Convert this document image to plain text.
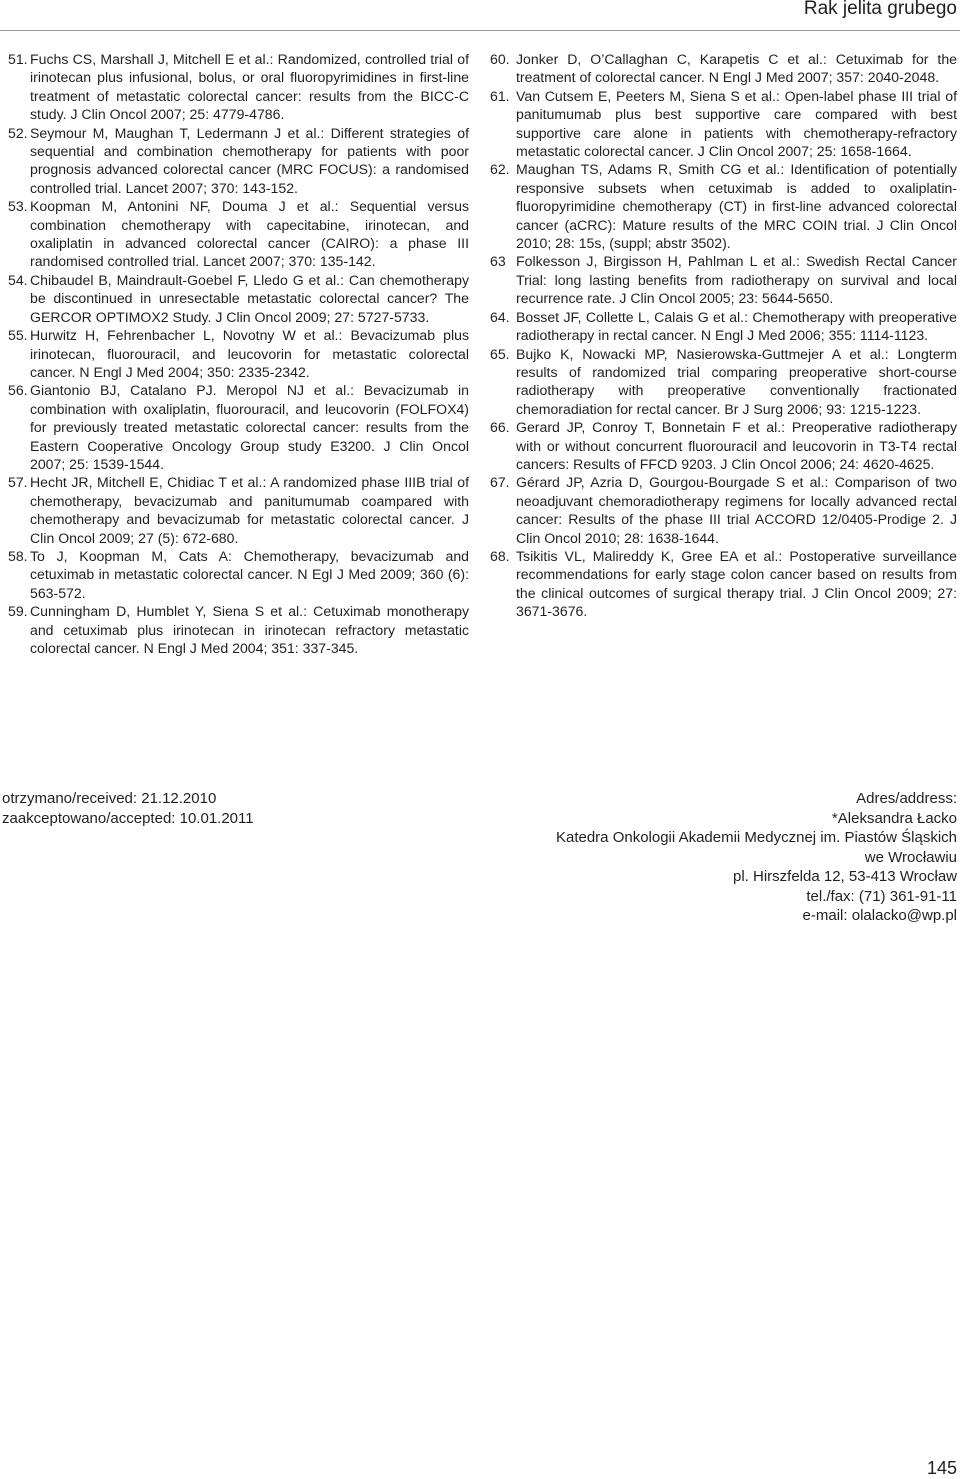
Rak jelita grubego
51. Fuchs CS, Marshall J, Mitchell E et al.: Randomized, controlled trial of irinotecan plus infusional, bolus, or oral fluoropyrimidines in first-line treatment of metastatic colorectal cancer: results from the BICC-C study. J Clin Oncol 2007; 25: 4779-4786.
52. Seymour M, Maughan T, Ledermann J et al.: Different strategies of sequential and combination chemotherapy for patients with poor prognosis advanced colorectal cancer (MRC FOCUS): a randomised controlled trial. Lancet 2007; 370: 143-152.
53. Koopman M, Antonini NF, Douma J et al.: Sequential versus combination chemotherapy with capecitabine, irinotecan, and oxaliplatin in advanced colorectal cancer (CAIRO): a phase III randomised controlled trial. Lancet 2007; 370: 135-142.
54. Chibaudel B, Maindrault-Goebel F, Lledo G et al.: Can chemotherapy be discontinued in unresectable metastatic colorectal cancer? The GERCOR OPTIMOX2 Study. J Clin Oncol 2009; 27: 5727-5733.
55. Hurwitz H, Fehrenbacher L, Novotny W et al.: Bevacizumab plus irinotecan, fluorouracil, and leucovorin for metastatic colorectal cancer. N Engl J Med 2004; 350: 2335-2342.
56. Giantonio BJ, Catalano PJ. Meropol NJ et al.: Bevacizumab in combination with oxaliplatin, fluorouracil, and leucovorin (FOLFOX4) for previously treated metastatic colorectal cancer: results from the Eastern Cooperative Oncology Group study E3200. J Clin Oncol 2007; 25: 1539-1544.
57. Hecht JR, Mitchell E, Chidiac T et al.: A randomized phase IIIB trial of chemotherapy, bevacizumab and panitumumab coampared with chemotherapy and bevacizumab for metastatic colorectal cancer. J Clin Oncol 2009; 27 (5): 672-680.
58. To J, Koopman M, Cats A: Chemotherapy, bevacizumab and cetuximab in metastatic colorectal cancer. N Egl J Med 2009; 360 (6): 563-572.
59. Cunningham D, Humblet Y, Siena S et al.: Cetuximab monotherapy and cetuximab plus irinotecan in irinotecan refractory metastatic colorectal cancer. N Engl J Med 2004; 351: 337-345.
60. Jonker D, O’Callaghan C, Karapetis C et al.: Cetuximab for the treatment of colorectal cancer. N Engl J Med 2007; 357: 2040-2048.
61. Van Cutsem E, Peeters M, Siena S et al.: Open-label phase III trial of panitumumab plus best supportive care compared with best supportive care alone in patients with chemotherapy-refractory metastatic colorectal cancer. J Clin Oncol 2007; 25: 1658-1664.
62. Maughan TS, Adams R, Smith CG et al.: Identification of potentially responsive subsets when cetuximab is added to oxaliplatin-fluoropyrimidine chemotherapy (CT) in first-line advanced colorectal cancer (aCRC): Mature results of the MRC COIN trial. J Clin Oncol 2010; 28: 15s, (suppl; abstr 3502).
63 Folkesson J, Birgisson H, Pahlman L et al.: Swedish Rectal Cancer Trial: long lasting benefits from radiotherapy on survival and local recurrence rate. J Clin Oncol 2005; 23: 5644-5650.
64. Bosset JF, Collette L, Calais G et al.: Chemotherapy with preoperative radiotherapy in rectal cancer. N Engl J Med 2006; 355: 1114-1123.
65. Bujko K, Nowacki MP, Nasierowska-Guttmejer A et al.: Longterm results of randomized trial comparing preoperative short-course radiotherapy with preoperative conventionally fractionated chemoradiation for rectal cancer. Br J Surg 2006; 93: 1215-1223.
66. Gerard JP, Conroy T, Bonnetain F et al.: Preoperative radiotherapy with or without concurrent fluorouracil and leucovorin in T3-T4 rectal cancers: Results of FFCD 9203. J Clin Oncol 2006; 24: 4620-4625.
67. Gérard JP, Azria D, Gourgou-Bourgade S et al.: Comparison of two neoadjuvant chemoradiotherapy regimens for locally advanced rectal cancer: Results of the phase III trial ACCORD 12/0405-Prodige 2. J Clin Oncol 2010; 28: 1638-1644.
68. Tsikitis VL, Malireddy K, Gree EA et al.: Postoperative surveillance recommendations for early stage colon cancer based on results from the clinical outcomes of surgical therapy trial. J Clin Oncol 2009; 27: 3671-3676.
otrzymano/received: 21.12.2010
zaakceptowano/accepted: 10.01.2011
Adres/address:
*Aleksandra Łacko
Katedra Onkologii Akademii Medycznej im. Piastów Śląskich
we Wrocławiu
pl. Hirszfelda 12, 53-413 Wrocław
tel./fax: (71) 361-91-11
e-mail: olalacko@wp.pl
145
